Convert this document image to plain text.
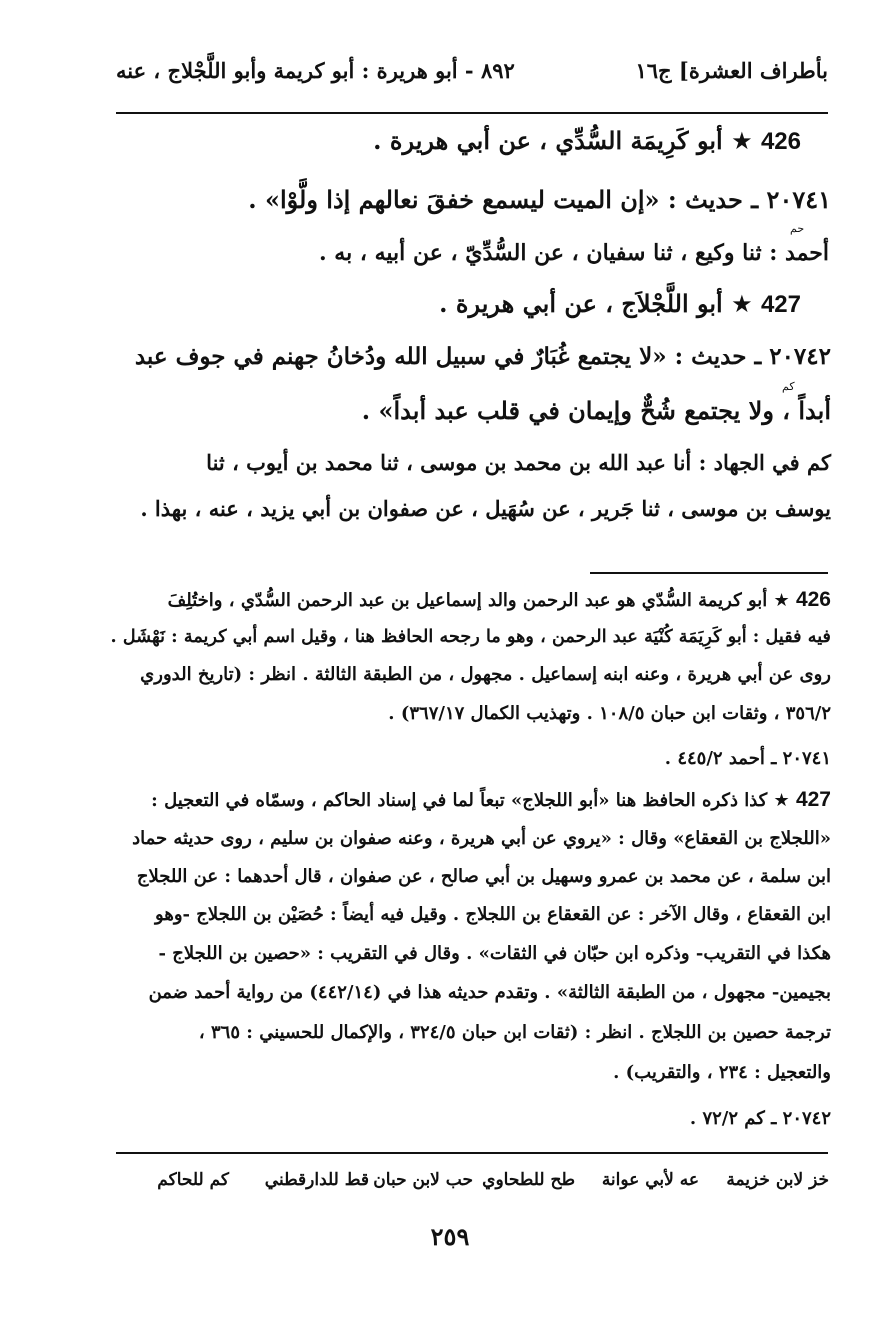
بأطراف العشرة] ج١٦
٨٩٢ - أبو هريرة : أبو كريمة وأبو اللَّجْلاج ، عنه
426 ★ أبو كَرِيمَة السُّدِّي ، عن أبي هريرة .
٢٠٧٤١ ـ حديث : «إن الميت ليسمع خفقَ نعالهم إذا ولَّوْا» .
حم
أحمد : ثنا وكيع ، ثنا سفيان ، عن السُّدِّيّ ، عن أبيه ، به .
427 ★ أبو اللَّجْلاَج ، عن أبي هريرة .
٢٠٧٤٢ ـ حديث : «لا يجتمع غُبَارٌ في سبيل الله ودُخانُ جهنم في جوف عبد
كم
أبداً ، ولا يجتمع شُحٌّ وإيمان في قلب عبد أبداً» .
كم في الجهاد : أنا عبد الله بن محمد بن موسى ، ثنا محمد بن أيوب ، ثنا
يوسف بن موسى ، ثنا جَرير ، عن سُهَيل ، عن صفوان بن أبي يزيد ، عنه ، بهذا .
426 ★ أبو كريمة السُّدّي هو عبد الرحمن والد إسماعيل بن عبد الرحمن السُّدّي ، واختُلِفَ
فيه فقيل : أبو كَرِيَمَة كُنْيَة عبد الرحمن ، وهو ما رجحه الحافظ هنا ، وقيل اسم أبي كريمة : نَهْشَل .
روى عن أبي هريرة ، وعنه ابنه إسماعيل . مجهول ، من الطبقة الثالثة . انظر : (تاريخ الدوري
٣٥٦/٢ ، وثقات ابن حبان ١٠٨/٥ . وتهذيب الكمال ٣٦٧/١٧) .
٢٠٧٤١ ـ أحمد ٤٤٥/٢ .
427 ★ كذا ذكره الحافظ هنا «أبو اللجلاج» تبعاً لما في إسناد الحاكم ، وسمّاه في التعجيل :
«اللجلاج بن القعقاع» وقال : «يروي عن أبي هريرة ، وعنه صفوان بن سليم ، روى حديثه حماد
ابن سلمة ، عن محمد بن عمرو وسهيل بن أبي صالح ، عن صفوان ، قال أحدهما : عن اللجلاج
ابن القعقاع ، وقال الآخر : عن القعقاع بن اللجلاج . وقيل فيه أيضاً : حُصَيْن بن اللجلاج -وهو
هكذا في التقريب- وذكره ابن حبّان في الثقات» . وقال في التقريب : «حصين بن اللجلاج -
بجيمين- مجهول ، من الطبقة الثالثة» . وتقدم حديثه هذا في (٤٤٢/١٤) من رواية أحمد ضمن
ترجمة حصين بن اللجلاج . انظر : (ثقات ابن حبان ٣٢٤/٥ ، والإكمال للحسيني : ٣٦٥ ،
والتعجيل : ٢٣٤ ، والتقريب) .
٢٠٧٤٢ ـ كم ٧٢/٢ .
خز لابن خزيمة
عه لأبي عوانة
طح للطحاوي
حب لابن حبان
قط للدارقطني
كم للحاكم
٢٥٩
